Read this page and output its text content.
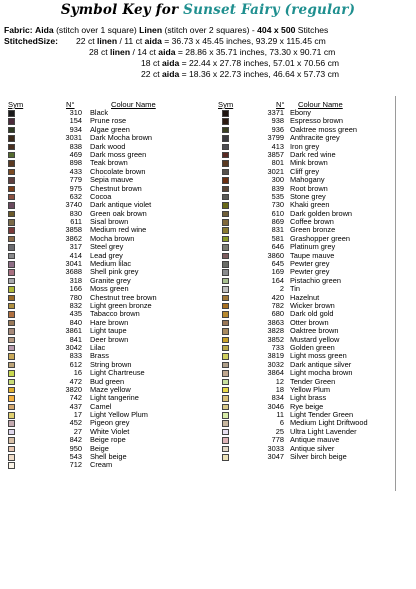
Symbol Key for Sunset Fairy (regular)
Fabric: Aida (stitch over 1 square) Linen (stitch over 2 squares) - 404 x 500 Stitches
StitchedSize: 22 ct linen / 11 ct aida = 36.73 x 45.45 inches, 93.29 x 115.45 cm
28 ct linen / 14 ct aida = 28.86 x 35.71 inches, 73.30 x 90.71 cm
18 ct aida = 22.44 x 27.78 inches, 57.01 x 70.56 cm
22 ct aida = 18.36 x 22.73 inches, 46.64 x 57.73 cm
Sym	N°	Colour Name	Sym	N° Colour Name
310 Black
154 Prune rose
934 Algae green
3031 Dark Mocha brown
838 Dark wood
469 Dark moss green
898 Teak brown
433 Chocolate brown
779 Sepia mauve
975 Chestnut brown
632 Cocoa
3740 Dark antique violet
830 Green oak brown
611 Sisal brown
3858 Medium red wine
3862 Mocha brown
317 Steel grey
414 Lead grey
3041 Medium lilac
3688 Shell pink grey
318 Granite grey
166 Moss green
780 Chestnut tree brown
832 Light green bronze
435 Tabacco brown
840 Hare brown
3861 Light taupe
841 Deer brown
3042 Lilac
833 Brass
612 String brown
16 Light Chartreuse
472 Bud green
3820 Maze yellow
742 Light tangerine
437 Camel
17 Light Yellow Plum
452 Pigeon grey
27 White Violet
842 Beige rope
950 Beige
543 Shell beige
712 Cream
3371 Ebony
938 Espresso brown
936 Oaktree moss green
3799 Anthracite grey
413 Iron grey
3857 Dark red wine
801 Mink brown
3021 Cliff grey
300 Mahogany
839 Root brown
535 Stone grey
730 Khaki green
610 Dark golden brown
869 Coffee brown
831 Green bronze
581 Grashopper green
646 Platinum grey
3860 Taupe mauve
645 Pewter grey
169 Pewter grey
164 Pistachio green
2 Tin
420 Hazelnut
782 Wicker brown
680 Dark old gold
3863 Otter brown
3828 Oaktree brown
3852 Mustard yellow
733 Golden green
3819 Light moss green
3032 Dark antique silver
3864 Light mocha brown
12 Tender Green
18 Yellow Plum
834 Light brass
3046 Rye beige
11 Light Tender Green
6 Medium Light Driftwood
25 Ultra Light Lavender
778 Antique mauve
3033 Antique silver
3047 Silver birch beige
